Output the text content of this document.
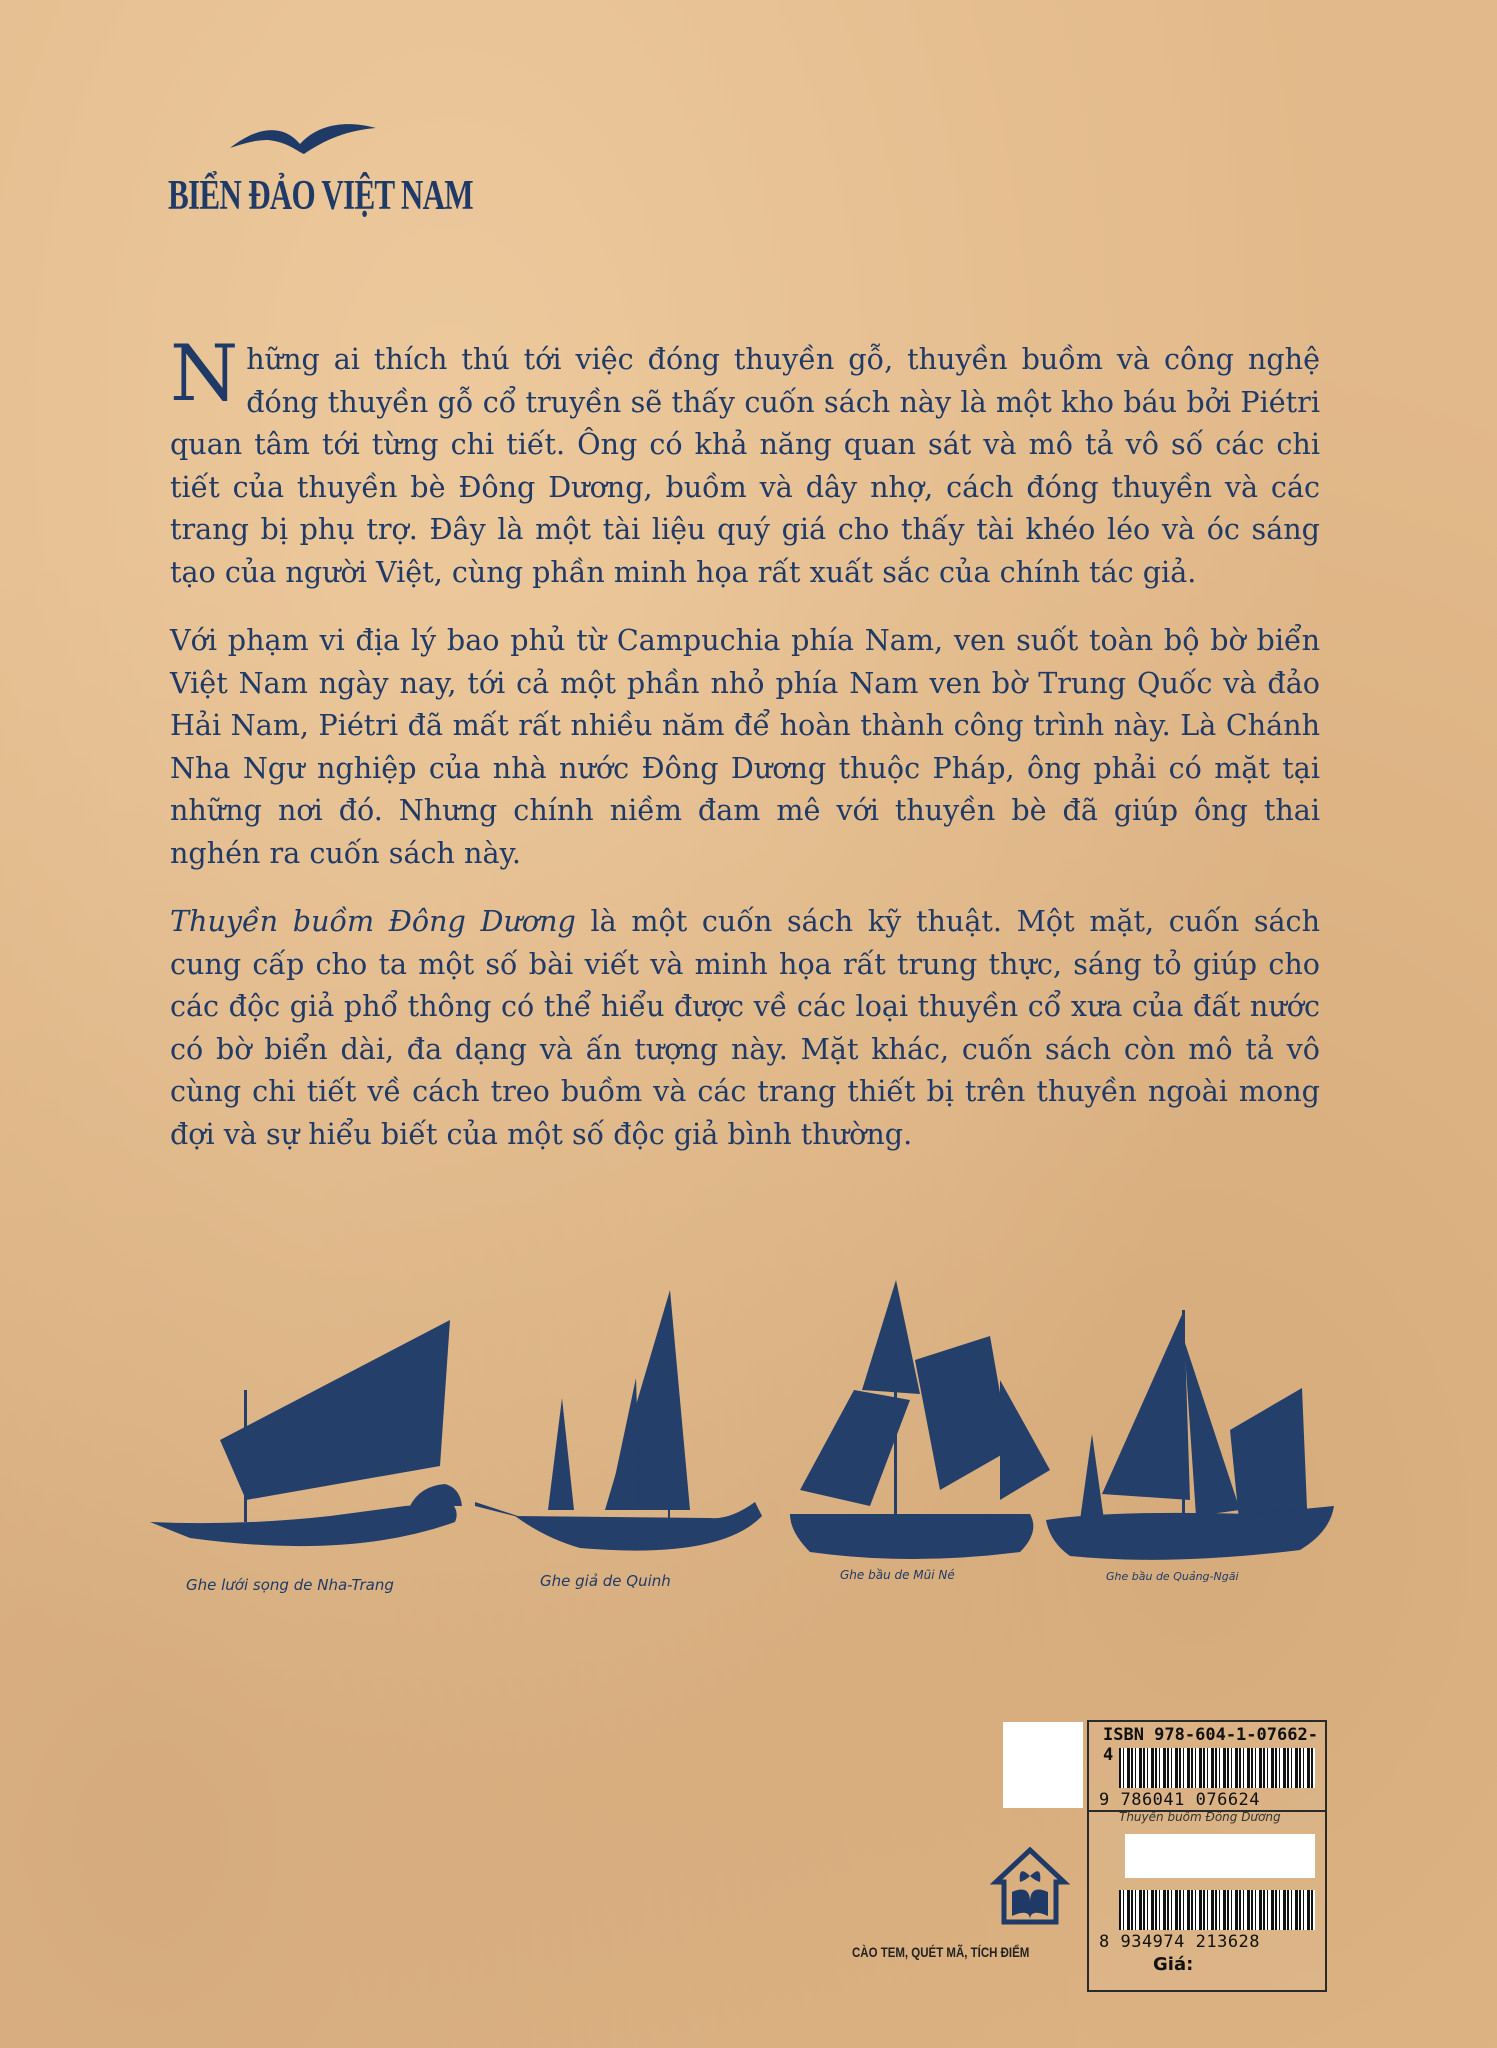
BIỂN ĐẢO VIỆT NAM

Những ai thích thú tới việc đóng thuyền gỗ, thuyền buồm và công nghệ đóng thuyền gỗ cổ truyền sẽ thấy cuốn sách này là một kho báu bởi Piétri quan tâm tới từng chi tiết. Ông có khả năng quan sát và mô tả vô số các chi tiết của thuyền bè Đông Dương, buồm và dây nhợ, cách đóng thuyền và các trang bị phụ trợ. Đây là một tài liệu quý giá cho thấy tài khéo léo và óc sáng tạo của người Việt, cùng phần minh họa rất xuất sắc của chính tác giả.

Với phạm vi địa lý bao phủ từ Campuchia phía Nam, ven suốt toàn bộ bờ biển Việt Nam ngày nay, tới cả một phần nhỏ phía Nam ven bờ Trung Quốc và đảo Hải Nam, Piétri đã mất rất nhiều năm để hoàn thành công trình này. Là Chánh Nha Ngư nghiệp của nhà nước Đông Dương thuộc Pháp, ông phải có mặt tại những nơi đó. Nhưng chính niềm đam mê với thuyền bè đã giúp ông thai nghén ra cuốn sách này.

Thuyền buồm Đông Dương là một cuốn sách kỹ thuật. Một mặt, cuốn sách cung cấp cho ta một số bài viết và minh họa rất trung thực, sáng tỏ giúp cho các độc giả phổ thông có thể hiểu được về các loại thuyền cổ xưa của đất nước có bờ biển dài, đa dạng và ấn tượng này. Mặt khác, cuốn sách còn mô tả vô cùng chi tiết về cách treo buồm và các trang thiết bị trên thuyền ngoài mong đợi và sự hiểu biết của một số độc giả bình thường.

Ghe lưới sọng de Nha-Trang	Ghe giả de Quinh	Ghe bầu de Mũi Né	Ghe bầu de Quảng-Ngãi
ISBN 978-604-1-07662-4
9 786041 076624
Thuyền buồm Đông Dương
8 934974 213628
Giá:
CÀO TEM, QUÉT MÃ, TÍCH ĐIỂM
